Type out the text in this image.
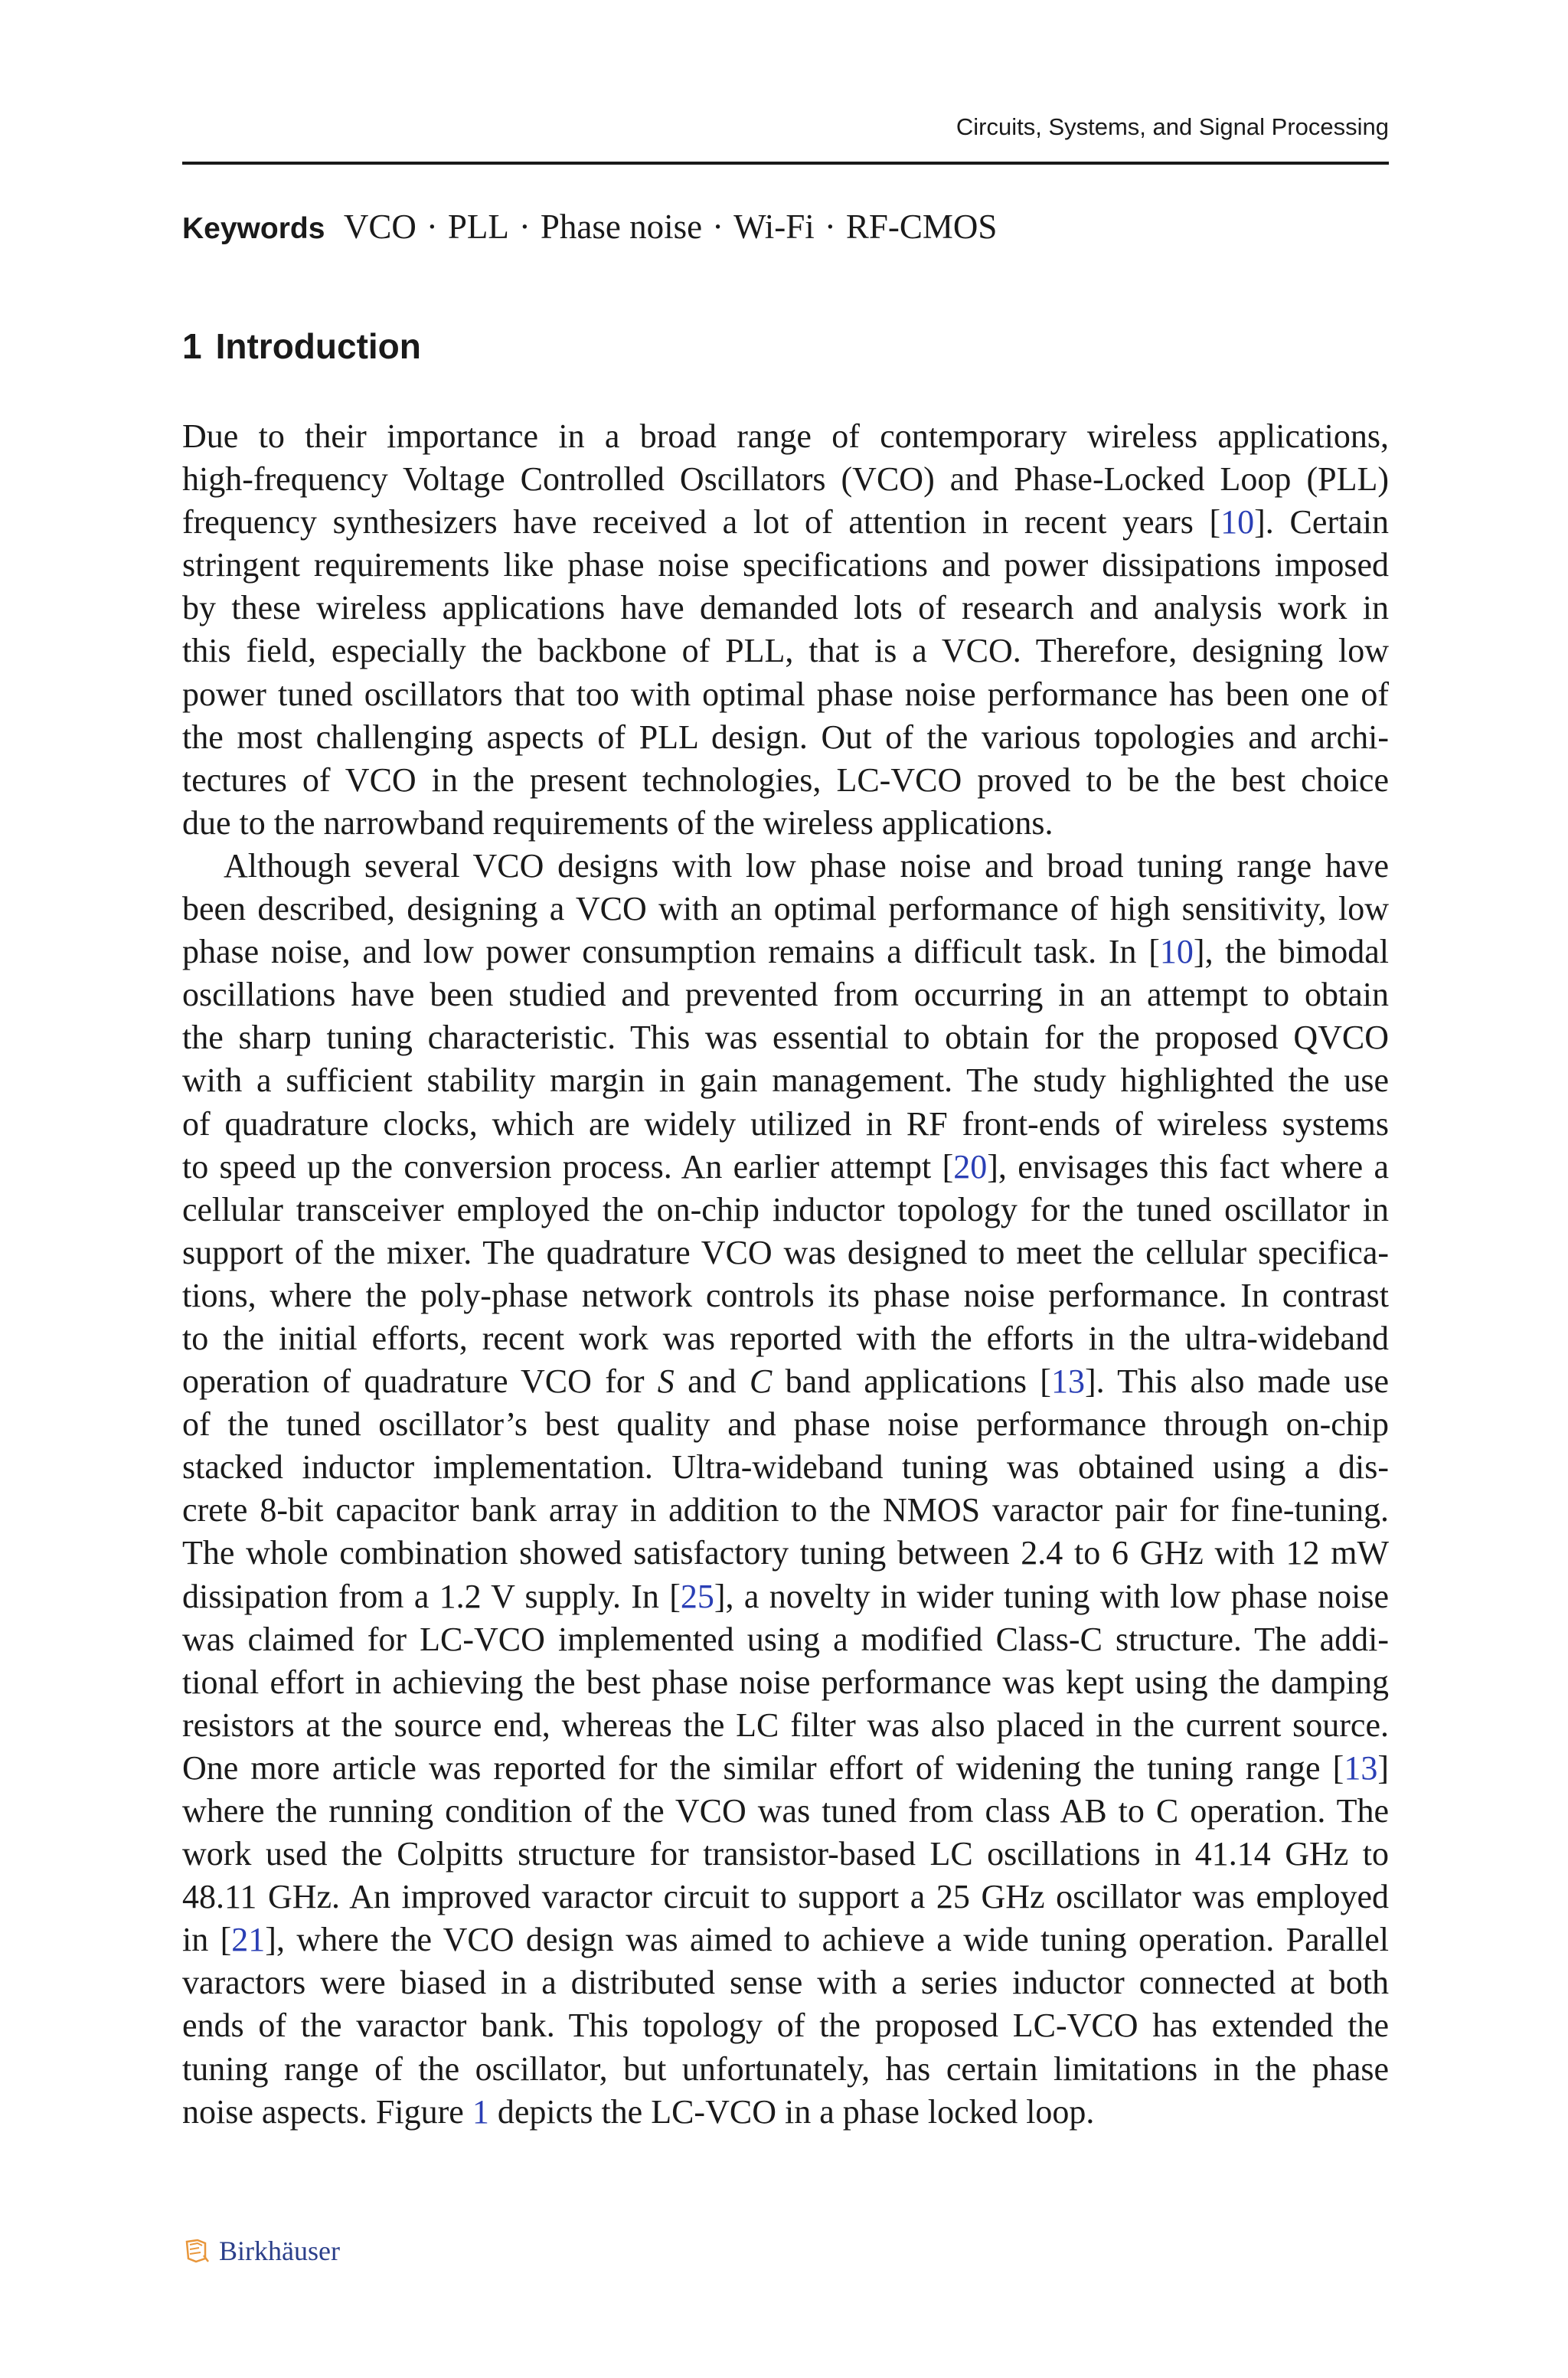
Circuits, Systems, and Signal Processing
Keywords VCO · PLL · Phase noise · Wi-Fi · RF-CMOS
1 Introduction
Due to their importance in a broad range of contemporary wireless applications,
high-frequency Voltage Controlled Oscillators (VCO) and Phase-Locked Loop (PLL)
frequency synthesizers have received a lot of attention in recent years [10]. Certain
stringent requirements like phase noise specifications and power dissipations imposed
by these wireless applications have demanded lots of research and analysis work in
this field, especially the backbone of PLL, that is a VCO. Therefore, designing low
power tuned oscillators that too with optimal phase noise performance has been one of
the most challenging aspects of PLL design. Out of the various topologies and archi-
tectures of VCO in the present technologies, LC-VCO proved to be the best choice
due to the narrowband requirements of the wireless applications.
Although several VCO designs with low phase noise and broad tuning range have
been described, designing a VCO with an optimal performance of high sensitivity, low
phase noise, and low power consumption remains a difficult task. In [10], the bimodal
oscillations have been studied and prevented from occurring in an attempt to obtain
the sharp tuning characteristic. This was essential to obtain for the proposed QVCO
with a sufficient stability margin in gain management. The study highlighted the use
of quadrature clocks, which are widely utilized in RF front-ends of wireless systems
to speed up the conversion process. An earlier attempt [20], envisages this fact where a
cellular transceiver employed the on-chip inductor topology for the tuned oscillator in
support of the mixer. The quadrature VCO was designed to meet the cellular specifica-
tions, where the poly-phase network controls its phase noise performance. In contrast
to the initial efforts, recent work was reported with the efforts in the ultra-wideband
operation of quadrature VCO for S and C band applications [13]. This also made use
of the tuned oscillator’s best quality and phase noise performance through on-chip
stacked inductor implementation. Ultra-wideband tuning was obtained using a dis-
crete 8-bit capacitor bank array in addition to the NMOS varactor pair for fine-tuning.
The whole combination showed satisfactory tuning between 2.4 to 6 GHz with 12 mW
dissipation from a 1.2 V supply. In [25], a novelty in wider tuning with low phase noise
was claimed for LC-VCO implemented using a modified Class-C structure. The addi-
tional effort in achieving the best phase noise performance was kept using the damping
resistors at the source end, whereas the LC filter was also placed in the current source.
One more article was reported for the similar effort of widening the tuning range [13]
where the running condition of the VCO was tuned from class AB to C operation. The
work used the Colpitts structure for transistor-based LC oscillations in 41.14 GHz to
48.11 GHz. An improved varactor circuit to support a 25 GHz oscillator was employed
in [21], where the VCO design was aimed to achieve a wide tuning operation. Parallel
varactors were biased in a distributed sense with a series inductor connected at both
ends of the varactor bank. This topology of the proposed LC-VCO has extended the
tuning range of the oscillator, but unfortunately, has certain limitations in the phase
noise aspects. Figure 1 depicts the LC-VCO in a phase locked loop.
Birkhäuser
